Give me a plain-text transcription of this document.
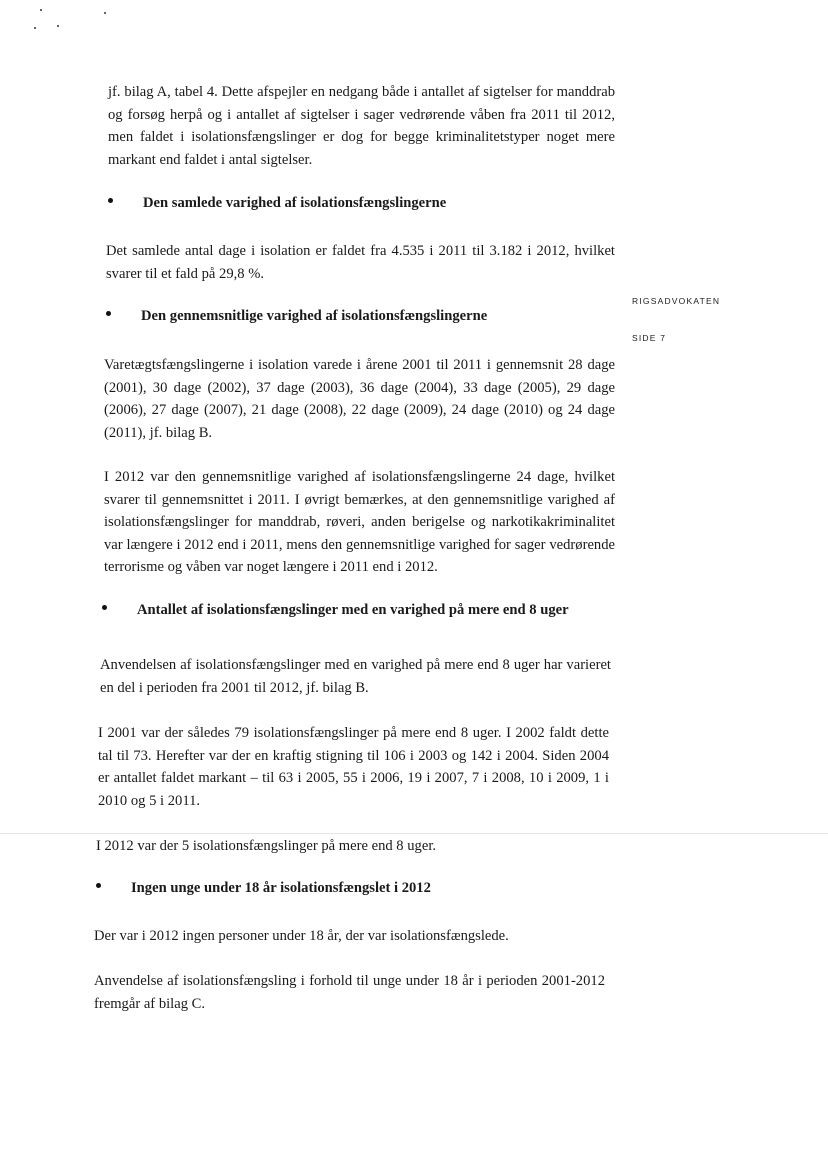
RIGSADVOKATEN
SIDE 7

jf. bilag A, tabel 4. Dette afspejler en nedgang både i antallet af sigtelser for manddrab og forsøg herpå og i antallet af sigtelser i sager vedrørende våben fra 2011 til 2012, men faldet i isolationsfængslinger er dog for begge kriminalitetstyper noget mere markant end faldet i antal sigtelser.

Den samlede varighed af isolationsfængslingerne

Det samlede antal dage i isolation er faldet fra 4.535 i 2011 til 3.182 i 2012, hvilket svarer til et fald på 29,8 %.

Den gennemsnitlige varighed af isolationsfængslingerne

Varetægtsfængslingerne i isolation varede i årene 2001 til 2011 i gennemsnit 28 dage (2001), 30 dage (2002), 37 dage (2003), 36 dage (2004), 33 dage (2005), 29 dage (2006), 27 dage (2007), 21 dage (2008), 22 dage (2009), 24 dage (2010) og 24 dage (2011), jf. bilag B.

I 2012 var den gennemsnitlige varighed af isolationsfængslingerne 24 dage, hvilket svarer til gennemsnittet i 2011. I øvrigt bemærkes, at den gennemsnitlige varighed af isolationsfængslinger for manddrab, røveri, anden berigelse og narkotikakriminalitet var længere i 2012 end i 2011, mens den gennemsnitlige varighed for sager vedrørende terrorisme og våben var noget længere i 2011 end i 2012.

Antallet af isolationsfængslinger med en varighed på mere end 8 uger

Anvendelsen af isolationsfængslinger med en varighed på mere end 8 uger har varieret en del i perioden fra 2001 til 2012, jf. bilag B.

I 2001 var der således 79 isolationsfængslinger på mere end 8 uger. I 2002 faldt dette tal til 73. Herefter var der en kraftig stigning til 106 i 2003 og 142 i 2004. Siden 2004 er antallet faldet markant – til 63 i 2005, 55 i 2006, 19 i 2007, 7 i 2008, 10 i 2009, 1 i 2010 og 5 i 2011.

I 2012 var der 5 isolationsfængslinger på mere end 8 uger.

Ingen unge under 18 år isolationsfængslet i 2012

Der var i 2012 ingen personer under 18 år, der var isolationsfængslede.

Anvendelse af isolationsfængsling i forhold til unge under 18 år i perioden 2001-2012 fremgår af bilag C.
